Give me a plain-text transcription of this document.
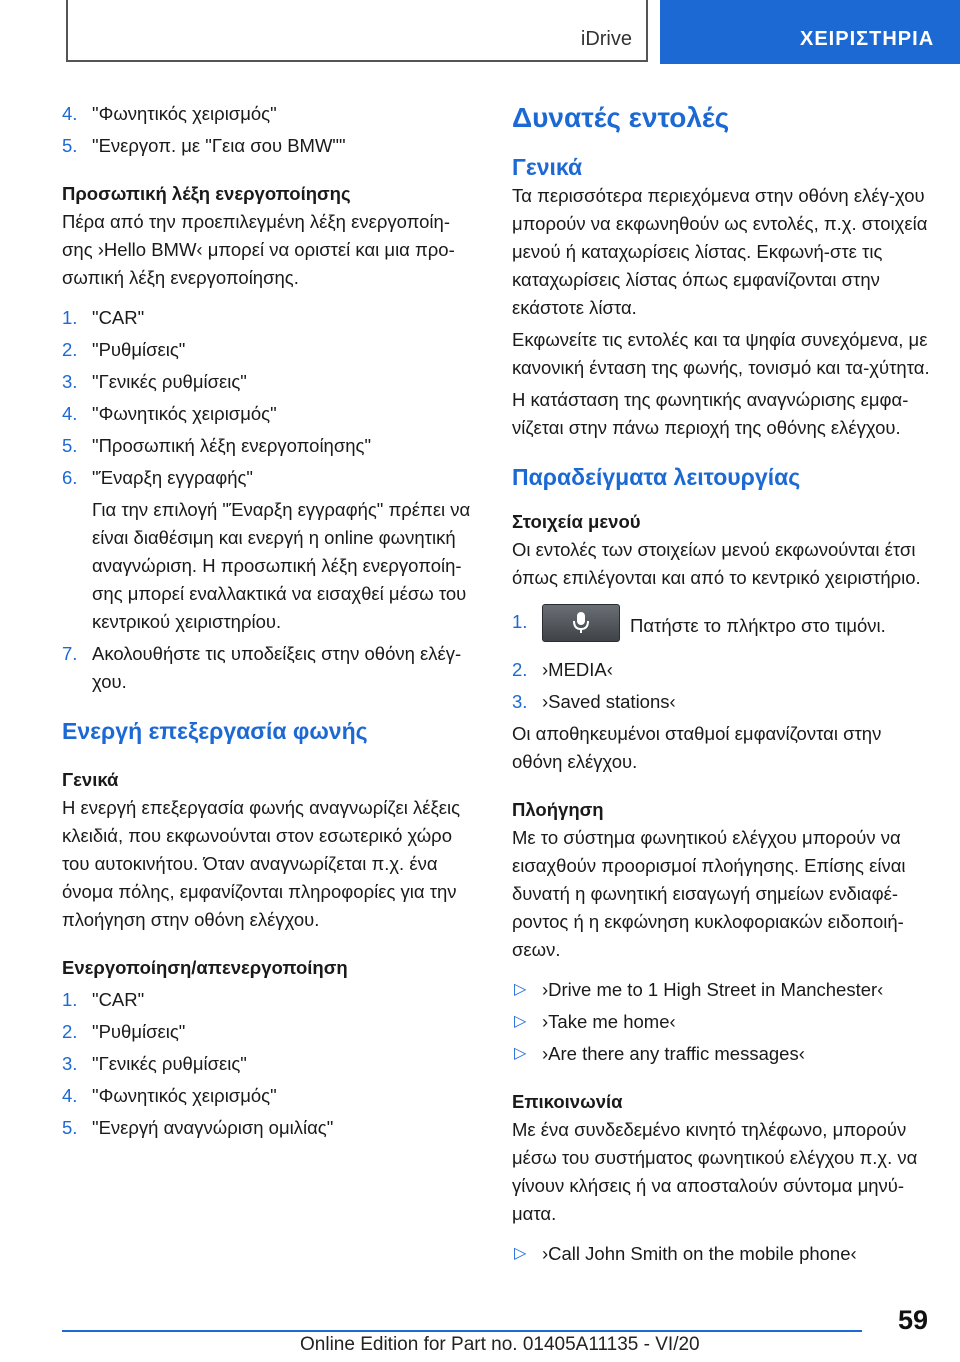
iDrive	ΧΕΙΡΙΣΤΗΡΙΑ
4. "Φωνητικός χειρισμός"
5. "Ενεργοπ. με "Γεια σου BMW""

Προσωπική λέξη ενεργοποίησης

Πέρα από την προεπιλεγμένη λέξη ενεργοποίη-σης ›Hello BMW‹ μπορεί να οριστεί και μια προ-σωπική λέξη ενεργοποίησης.

1. "CAR"
2. "Ρυθμίσεις"
3. "Γενικές ρυθμίσεις"
4. "Φωνητικός χειρισμός"
5. "Προσωπική λέξη ενεργοποίησης"
6. "Έναρξη εγγραφής"
Για την επιλογή "Έναρξη εγγραφής" πρέπει να είναι διαθέσιμη και ενεργή η online φωνητική αναγνώριση. Η προσωπική λέξη ενεργοποίη-σης μπορεί εναλλακτικά να εισαχθεί μέσω του κεντρικού χειριστηρίου.
7. Ακολουθήστε τις υποδείξεις στην οθόνη ελέγ-χου.

Ενεργή επεξεργασία φωνής

Γενικά

Η ενεργή επεξεργασία φωνής αναγνωρίζει λέξεις κλειδιά, που εκφωνούνται στον εσωτερικό χώρο του αυτοκινήτου. Όταν αναγνωρίζεται π.χ. ένα όνομα πόλης, εμφανίζονται πληροφορίες για την πλοήγηση στην οθόνη ελέγχου.

Ενεργοποίηση/απενεργοποίηση

1. "CAR"
2. "Ρυθμίσεις"
3. "Γενικές ρυθμίσεις"
4. "Φωνητικός χειρισμός"
5. "Ενεργή αναγνώριση ομιλίας"

Δυνατές εντολές

Γενικά

Τα περισσότερα περιεχόμενα στην οθόνη ελέγ-χου μπορούν να εκφωνηθούν ως εντολές, π.χ. στοιχεία μενού ή καταχωρίσεις λίστας. Εκφωνή-στε τις καταχωρίσεις λίστας όπως εμφανίζονται στην εκάστοτε λίστα.

Εκφωνείτε τις εντολές και τα ψηφία συνεχόμενα, με κανονική ένταση της φωνής, τονισμό και τα-χύτητα.

Η κατάσταση της φωνητικής αναγνώρισης εμφα-νίζεται στην πάνω περιοχή της οθόνης ελέγχου.

Παραδείγματα λειτουργίας

Στοιχεία μενού

Οι εντολές των στοιχείων μενού εκφωνούνται έτσι όπως επιλέγονται και από το κεντρικό χειριστήριο.

1.	Πατήστε το πλήκτρο στο τιμόνι.
2. ›MEDIA‹
3. ›Saved stations‹

Οι αποθηκευμένοι σταθμοί εμφανίζονται στην οθόνη ελέγχου.

Πλοήγηση

Με το σύστημα φωνητικού ελέγχου μπορούν να εισαχθούν προορισμοί πλοήγησης. Επίσης είναι δυνατή η φωνητική εισαγωγή σημείων ενδιαφέ-ροντος ή η εκφώνηση κυκλοφοριακών ειδοποιή-σεων.

▷ ›Drive me to 1 High Street in Manchester‹
▷ ›Take me home‹
▷ ›Are there any traffic messages‹

Επικοινωνία

Με ένα συνδεδεμένο κινητό τηλέφωνο, μπορούν μέσω του συστήματος φωνητικού ελέγχου π.χ. να γίνουν κλήσεις ή να αποσταλούν σύντομα μηνύ-ματα.

▷ ›Call John Smith on the mobile phone‹
59
Online Edition for Part no. 01405A11135 - VI/20
